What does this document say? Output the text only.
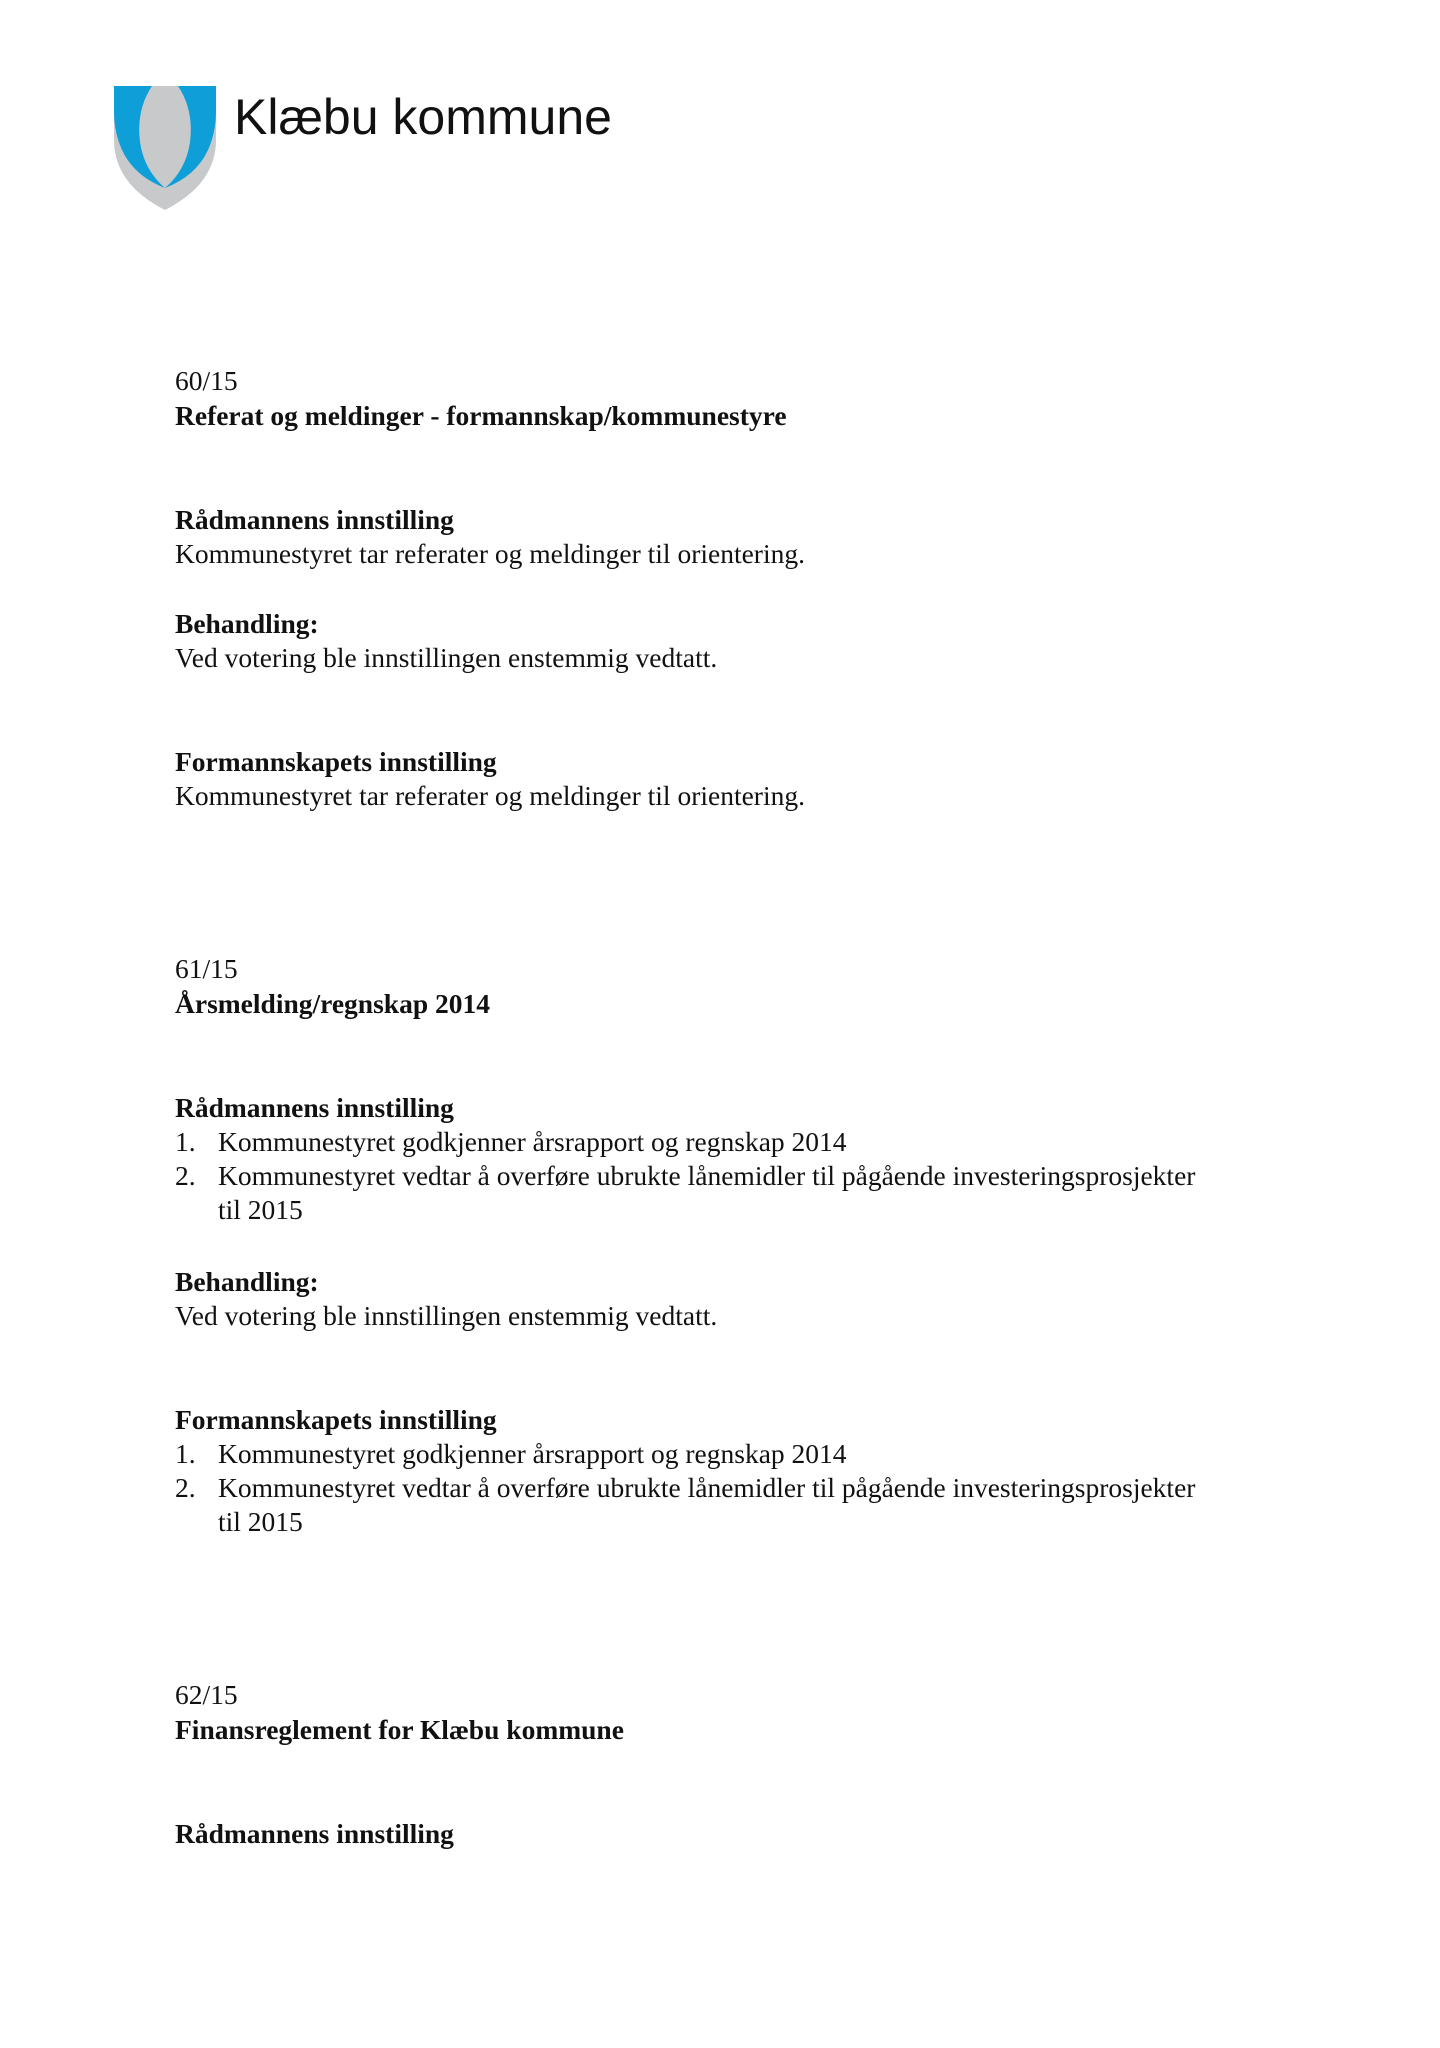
Klæbu kommune
60/15
Referat og meldinger - formannskap/kommunestyre
Rådmannens innstilling
Kommunestyret tar referater og meldinger til orientering.
Behandling:
Ved votering ble innstillingen enstemmig vedtatt.
Formannskapets innstilling
Kommunestyret tar referater og meldinger til orientering.
61/15
Årsmelding/regnskap 2014
Rådmannens innstilling
1. Kommunestyret godkjenner årsrapport og regnskap 2014
2. Kommunestyret vedtar å overføre ubrukte lånemidler til pågående investeringsprosjekter
til 2015
Behandling:
Ved votering ble innstillingen enstemmig vedtatt.
Formannskapets innstilling
1. Kommunestyret godkjenner årsrapport og regnskap 2014
2. Kommunestyret vedtar å overføre ubrukte lånemidler til pågående investeringsprosjekter
til 2015
62/15
Finansreglement for Klæbu kommune
Rådmannens innstilling
